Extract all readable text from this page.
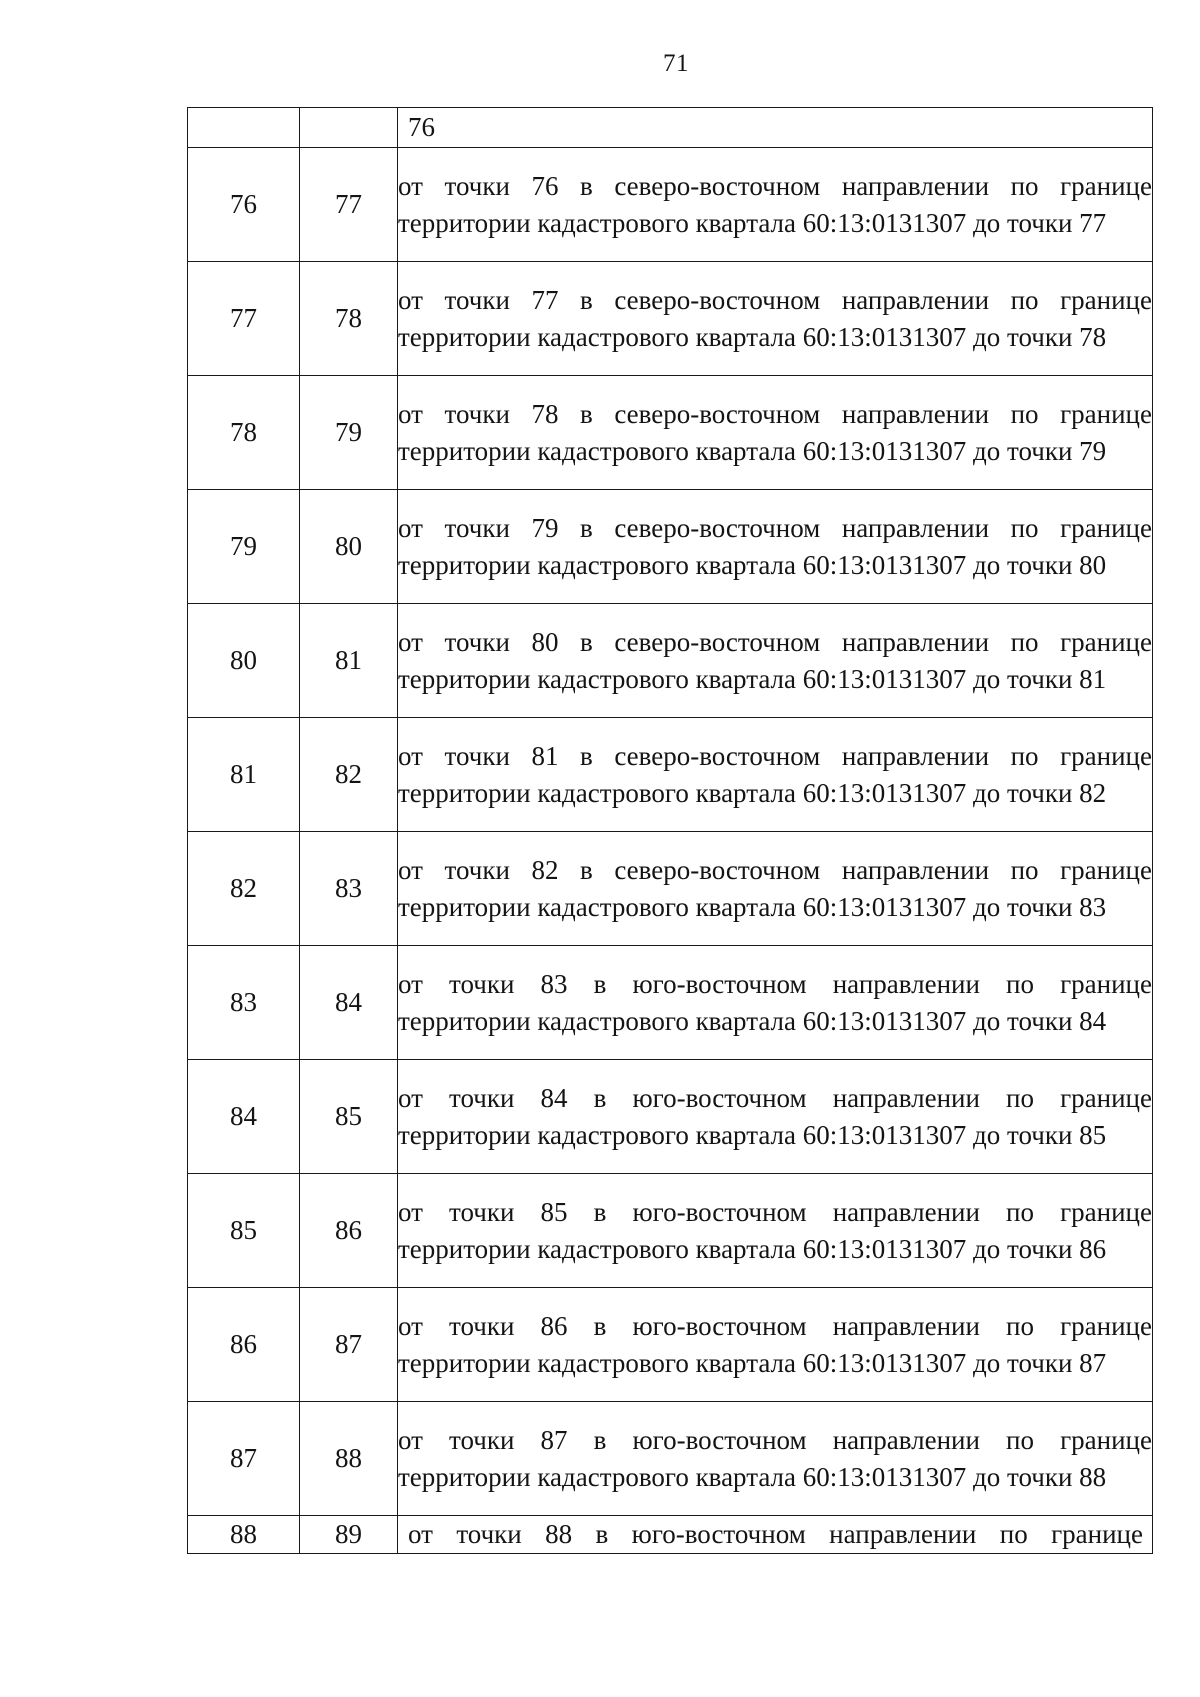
71
		76
76	77	от точки 76 в северо-восточном направлении по границе территории кадастрового квартала 60:13:0131307 до точки 77
77	78	от точки 77 в северо-восточном направлении по границе территории кадастрового квартала 60:13:0131307 до точки 78
78	79	от точки 78 в северо-восточном направлении по границе территории кадастрового квартала 60:13:0131307 до точки 79
79	80	от точки 79 в северо-восточном направлении по границе территории кадастрового квартала 60:13:0131307 до точки 80
80	81	от точки 80 в северо-восточном направлении по границе территории кадастрового квартала 60:13:0131307 до точки 81
81	82	от точки 81 в северо-восточном направлении по границе территории кадастрового квартала 60:13:0131307 до точки 82
82	83	от точки 82 в северо-восточном направлении по границе территории кадастрового квартала 60:13:0131307 до точки 83
83	84	от точки 83 в юго-восточном направлении по границе территории кадастрового квартала 60:13:0131307 до точки 84
84	85	от точки 84 в юго-восточном направлении по границе территории кадастрового квартала 60:13:0131307 до точки 85
85	86	от точки 85 в юго-восточном направлении по границе территории кадастрового квартала 60:13:0131307 до точки 86
86	87	от точки 86 в юго-восточном направлении по границе территории кадастрового квартала 60:13:0131307 до точки 87
87	88	от точки 87 в юго-восточном направлении по границе территории кадастрового квартала 60:13:0131307 до точки 88
88	89	от точки 88 в юго-восточном направлении по границе
